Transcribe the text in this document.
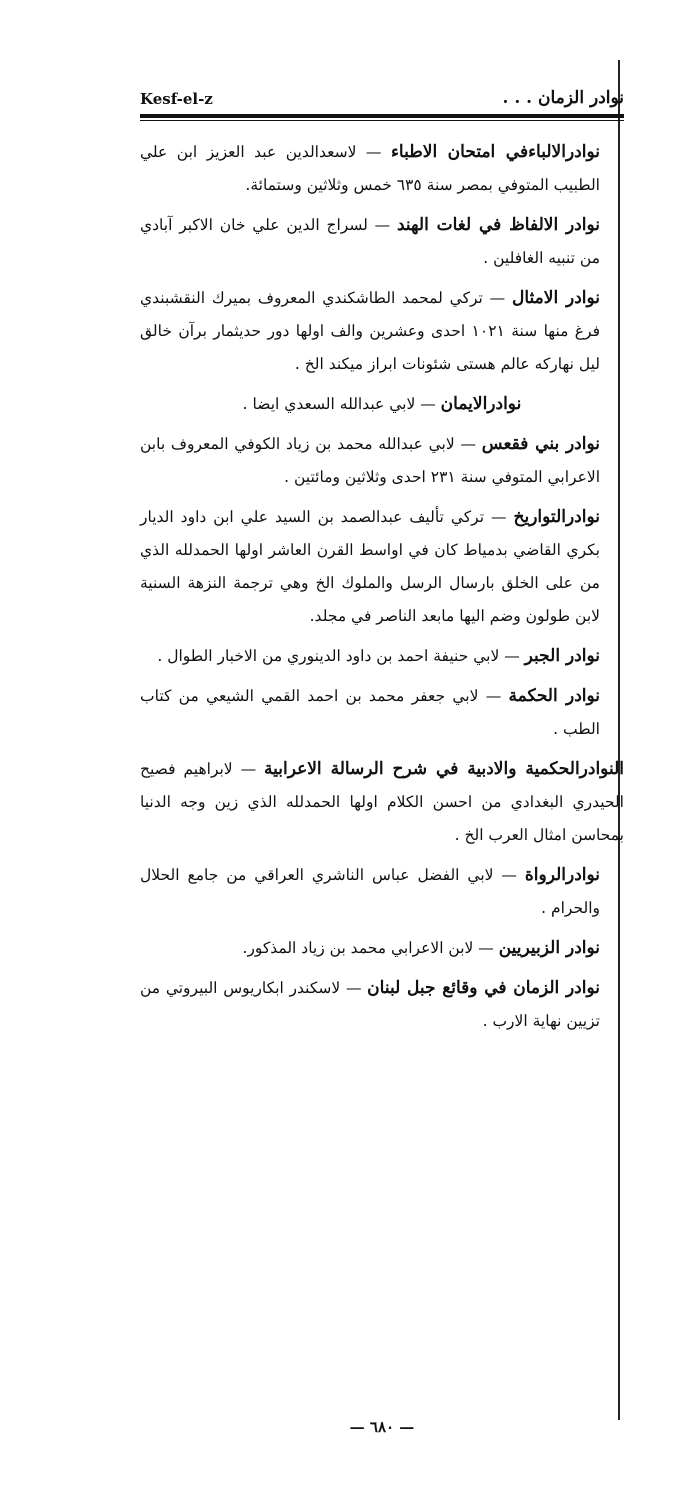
نوادر الزمان . . .
Kesf-el-z

نوادرالالباءفي امتحان الاطباء — لاسعدالدين عبد العزيز ابن علي الطبيب المتوفي بمصر سنة ٦٣٥ خمس وثلاثين وستمائة.

نوادر الالفاظ في لغات الهند — لسراج الدين علي خان الاكبر آبادي من تنبيه الغافلين .

نوادر الامثال — تركي لمحمد الطاشكندي المعروف بميرك النقشبندي فرغ منها سنة ١٠٢١ احدى وعشرين والف اولها دور حديثمار برآن خالق ليل نهاركه عالم هستى شئونات ابراز ميكند الخ .

نوادرالايمان — لابي عبدالله السعدي ايضا .

نوادر بني فقعس — لابي عبدالله محمد بن زياد الكوفي المعروف بابن الاعرابي المتوفي سنة ٢٣١ احدى وثلاثين ومائتين .

نوادرالتواريخ — تركي تأليف عبدالصمد بن السيد علي ابن داود الديار بكري القاضي بدمياط كان في اواسط القرن العاشر اولها الحمدلله الذي من على الخلق بارسال الرسل والملوك الخ وهي ترجمة النزهة السنية لابن طولون وضم اليها مابعد الناصر في مجلد.

نوادر الجبر — لابي حنيفة احمد بن داود الدينوري من الاخبار الطوال .

نوادر الحكمة — لابي جعفر محمد بن احمد القمي الشيعي من كتاب الطب .

النوادرالحكمية والادبية في شرح الرسالة الاعرابية — لابراهيم فصيح الحيدري البغدادي من احسن الكلام اولها الحمدلله الذي زين وجه الدنيا بمحاسن امثال العرب الخ .

نوادرالرواة — لابي الفضل عباس الناشري العراقي من جامع الحلال والحرام .

نوادر الزبيريين — لابن الاعرابي محمد بن زياد المذكور.

نوادر الزمان في وقائع جبل لبنان — لاسكندر ابكاريوس البيروتي من تزيين نهاية الارب .

— ٦٨٠ —
